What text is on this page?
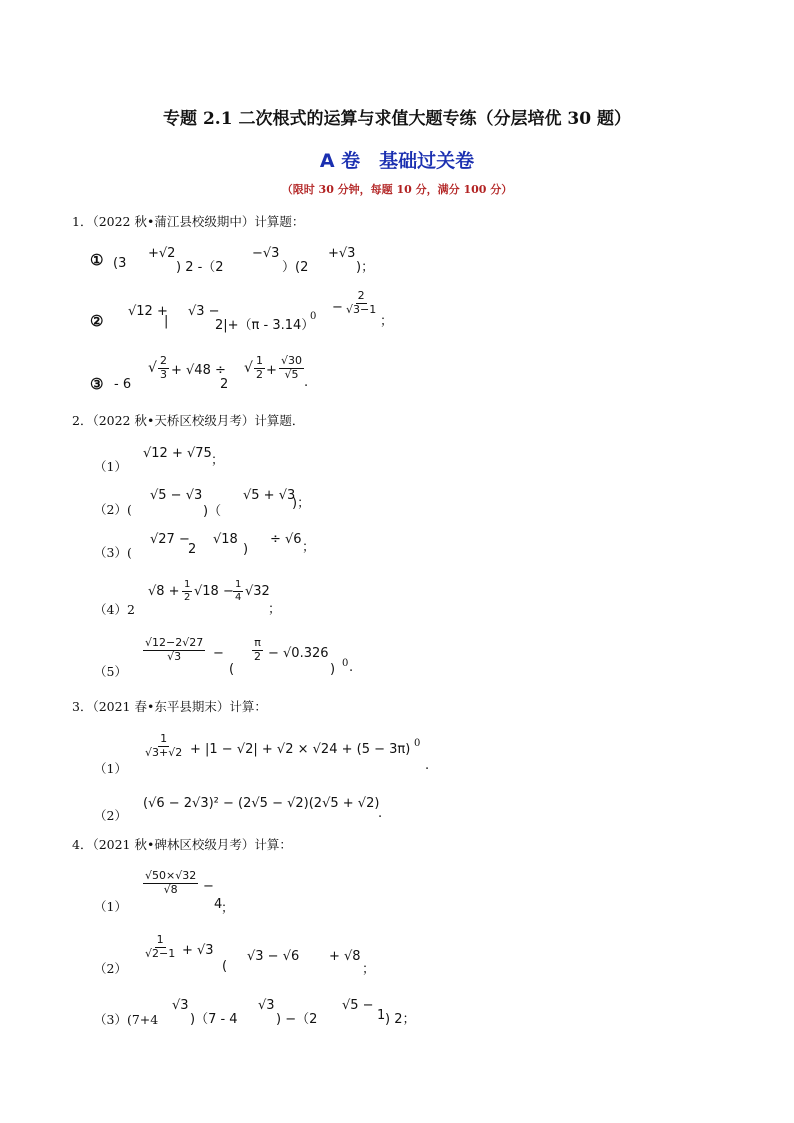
专题 2.1 二次根式的运算与求值大题专练（分层培优 30 题）
A 卷　基础过关卷
（限时 30 分钟，每题 10 分，满分 100 分）
1．（2022 秋•蒲江县校级期中）计算题：
① (3
+√2
) 2 -（2
−√3
）(2
+√3
)；
②
√12 +
|
√3 −
2|+（π - 3.14）
0
− $\frac{2}{√3-1}$
；
③ - 6
√ $\frac{2}{3} + √48$ ÷
2
√ $\frac{1}{2} + \frac{√30}{√5}$
.
2．（2022 秋•天桥区校级月考）计算题．
（1）
√12 + √75 ；
（2）(
√5 − √3
)（
√5 + √3
)；
（3）(
√27 −
2
√18
)
÷ √6
；
（4）2
$√8 + \frac{1}{2} √18 - \frac{1}{4} √32$
；
（5）
$\frac{√12-2√27}{√3}$ −
(
$\frac{\pi}{2} - √0.326$
) 0 .
3．（2021 春•东平县期末）计算：
（1）
$\frac{1}{√3+√2} + |1 - √2| + √2 \times √24 + (5 - 3\pi)$ 0
.
（2）
(√6 − 2√3)² − (2√5 − √2)(2√5 + √2)
.
4．（2021 秋•碑林区校级月考）计算：
（1）
$\frac{√50\times√32}{√8}$ −
4
；
（2）
$\frac{1}{√2-1} + √3$
(
√3 − √6 + √8
；
（3）(7+4
√3
)（7 - 4
√3
) −（2
√5 −
1 ) 2；
